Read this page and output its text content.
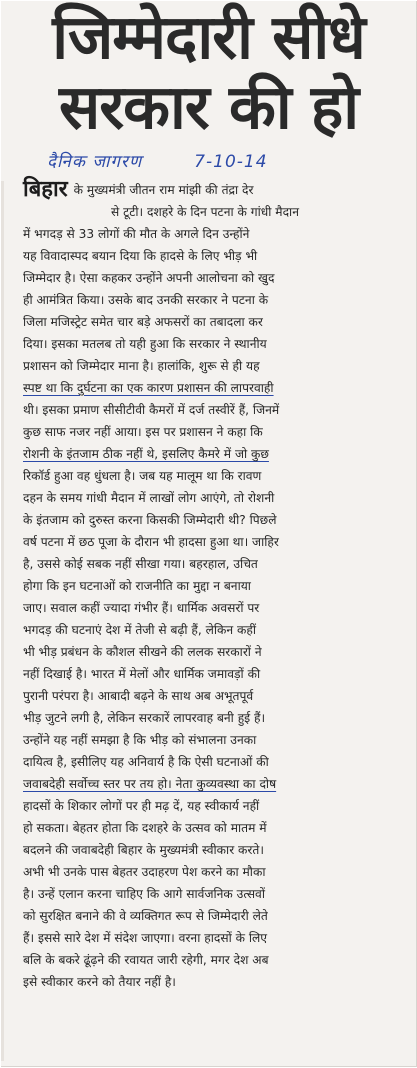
जिम्मेदारी सीधे
सरकार की हो
दैनिक जागरण	7-10-14
बिहार के मुख्यमंत्री जीतन राम मांझी की तंद्रा देर
से टूटी। दशहरे के दिन पटना के गांधी मैदान
में भगदड़ से 33 लोगों की मौत के अगले दिन उन्होंने
यह विवादास्पद बयान दिया कि हादसे के लिए भीड़ भी
जिम्मेदार है। ऐसा कहकर उन्होंने अपनी आलोचना को खुद
ही आमंत्रित किया। उसके बाद उनकी सरकार ने पटना के
जिला मजिस्ट्रेट समेत चार बड़े अफसरों का तबादला कर
दिया। इसका मतलब तो यही हुआ कि सरकार ने स्थानीय
प्रशासन को जिम्मेदार माना है। हालांकि, शुरू से ही यह
स्पष्ट था कि दुर्घटना का एक कारण प्रशासन की लापरवाही
थी। इसका प्रमाण सीसीटीवी कैमरों में दर्ज तस्वीरें हैं, जिनमें
कुछ साफ नजर नहीं आया। इस पर प्रशासन ने कहा कि
रोशनी के इंतजाम ठीक नहीं थे, इसलिए कैमरे में जो कुछ
रिकॉर्ड हुआ वह धुंधला है। जब यह मालूम था कि रावण
दहन के समय गांधी मैदान में लाखों लोग आएंगे, तो रोशनी
के इंतजाम को दुरुस्त करना किसकी जिम्मेदारी थी? पिछले
वर्ष पटना में छठ पूजा के दौरान भी हादसा हुआ था। जाहिर
है, उससे कोई सबक नहीं सीखा गया। बहरहाल, उचित
होगा कि इन घटनाओं को राजनीति का मुद्दा न बनाया
जाए। सवाल कहीं ज्यादा गंभीर हैं। धार्मिक अवसरों पर
भगदड़ की घटनाएं देश में तेजी से बढ़ी हैं, लेकिन कहीं
भी भीड़ प्रबंधन के कौशल सीखने की ललक सरकारों ने
नहीं दिखाई है। भारत में मेलों और धार्मिक जमावड़ों की
पुरानी परंपरा है। आबादी बढ़ने के साथ अब अभूतपूर्व
भीड़ जुटने लगी है, लेकिन सरकारें लापरवाह बनी हुई हैं।
उन्होंने यह नहीं समझा है कि भीड़ को संभालना उनका
दायित्व है, इसीलिए यह अनिवार्य है कि ऐसी घटनाओं की
जवाबदेही सर्वोच्च स्तर पर तय हो। नेता कुव्यवस्था का दोष
हादसों के शिकार लोगों पर ही मढ़ दें, यह स्वीकार्य नहीं
हो सकता। बेहतर होता कि दशहरे के उत्सव को मातम में
बदलने की जवाबदेही बिहार के मुख्यमंत्री स्वीकार करते।
अभी भी उनके पास बेहतर उदाहरण पेश करने का मौका
है। उन्हें एलान करना चाहिए कि आगे सार्वजनिक उत्सवों
को सुरक्षित बनाने की वे व्यक्तिगत रूप से जिम्मेदारी लेते
हैं। इससे सारे देश में संदेश जाएगा। वरना हादसों के लिए
बलि के बकरे ढूंढ़ने की रवायत जारी रहेगी, मगर देश अब
इसे स्वीकार करने को तैयार नहीं है।
